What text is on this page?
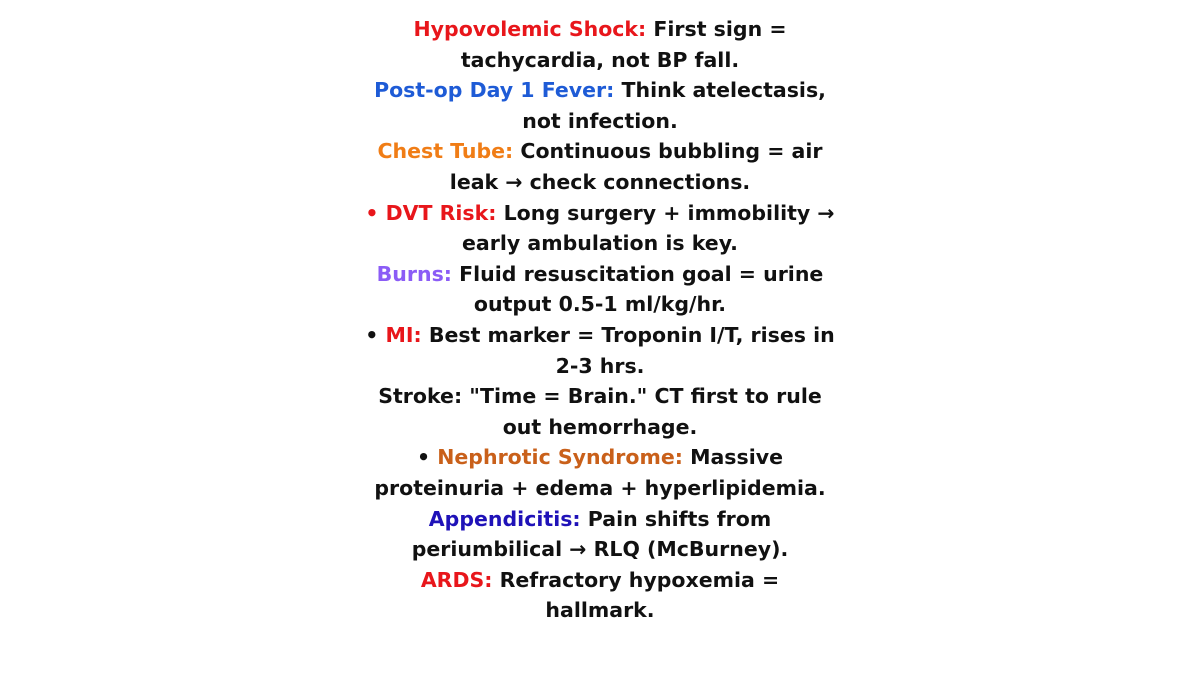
Hypovolemic Shock: First sign =
tachycardia, not BP fall.
Post-op Day 1 Fever: Think atelectasis,
not infection.
Chest Tube: Continuous bubbling = air
leak → check connections.
• DVT Risk: Long surgery + immobility →
early ambulation is key.
Burns: Fluid resuscitation goal = urine
output 0.5-1 ml/kg/hr.
• MI: Best marker = Troponin I/T, rises in
2-3 hrs.
Stroke: "Time = Brain." CT first to rule
out hemorrhage.
• Nephrotic Syndrome: Massive
proteinuria + edema + hyperlipidemia.
Appendicitis: Pain shifts from
periumbilical → RLQ (McBurney).
ARDS: Refractory hypoxemia =
hallmark.
